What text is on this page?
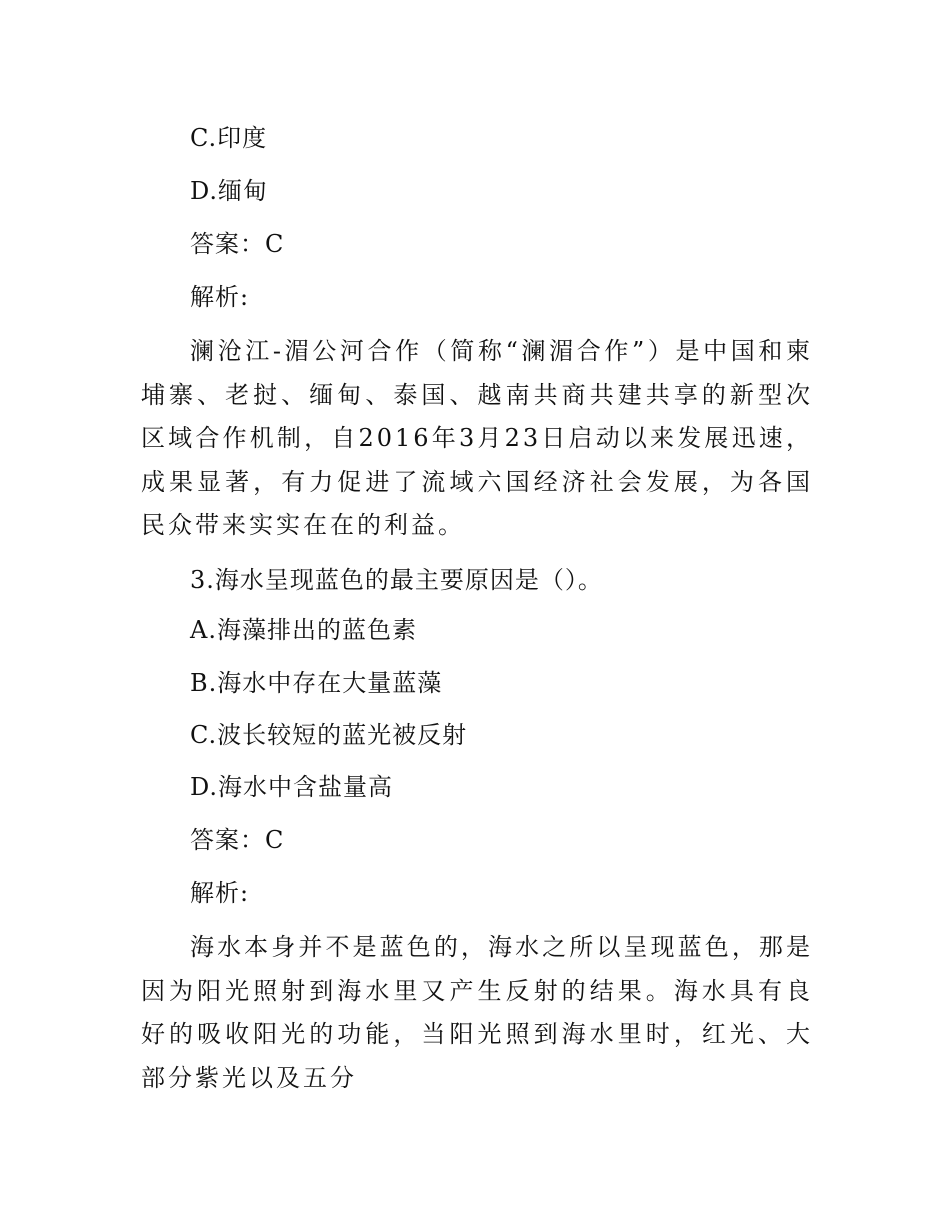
C.印度
D.缅甸
答案：C
解析:
澜沧江-湄公河合作（简称“澜湄合作”）是中国和柬埔寨、老挝、缅甸、泰国、越南共商共建共享的新型次区域合作机制，自2016年3月23日启动以来发展迅速，成果显著，有力促进了流域六国经济社会发展，为各国民众带来实实在在的利益。
3.海水呈现蓝色的最主要原因是（）。
A.海藻排出的蓝色素
B.海水中存在大量蓝藻
C.波长较短的蓝光被反射
D.海水中含盐量高
答案：C
解析:
海水本身并不是蓝色的，海水之所以呈现蓝色，那是因为阳光照射到海水里又产生反射的结果。海水具有良好的吸收阳光的功能，当阳光照到海水里时，红光、大部分紫光以及五分
